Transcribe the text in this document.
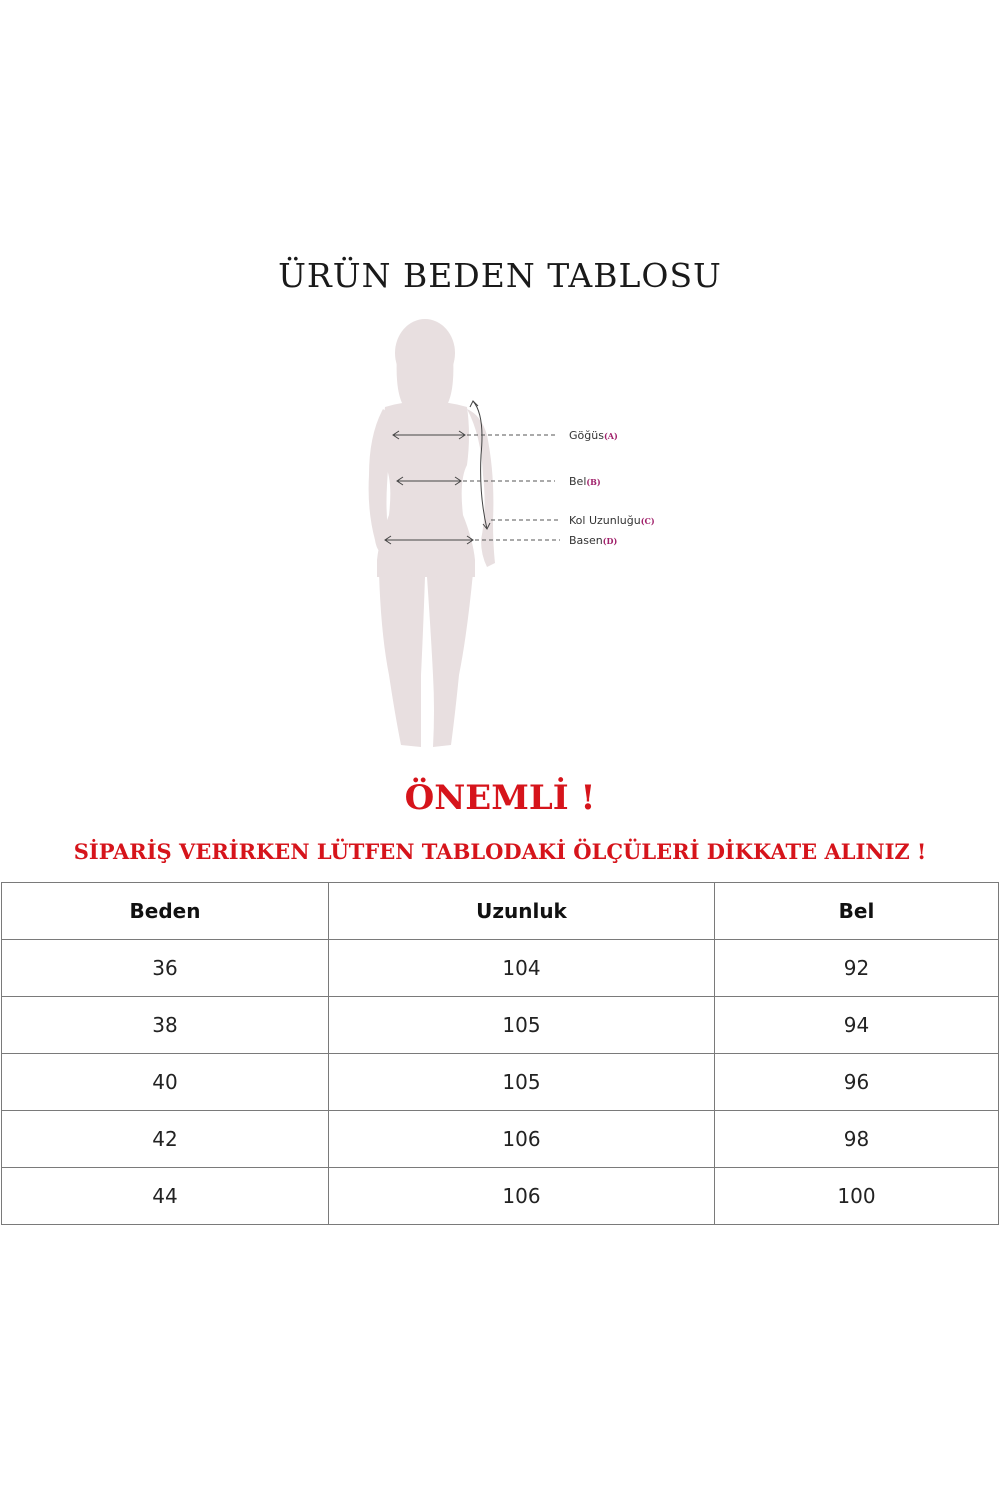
ÜRÜN BEDEN TABLOSU
Göğüs(A)
Bel(B)
Kol Uzunluğu(C)
Basen(D)
ÖNEMLİ !
SİPARİŞ VERİRKEN LÜTFEN TABLODAKİ ÖLÇÜLERİ DİKKATE ALINIZ !
Beden	Uzunluk	Bel
36	104	92
38	105	94
40	105	96
42	106	98
44	106	100
